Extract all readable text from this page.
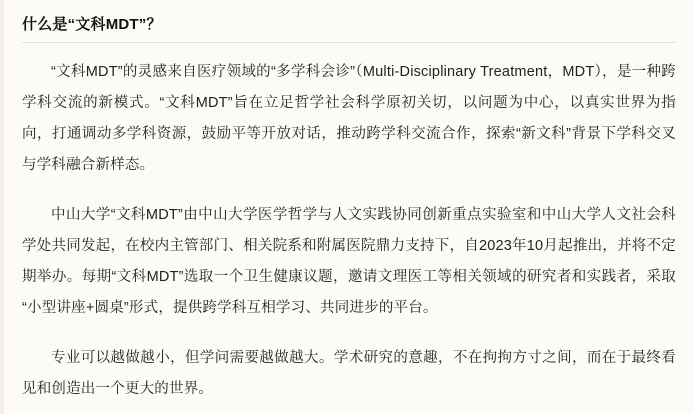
什么是“文科MDT”？

“文科MDT”的灵感来自医疗领域的“多学科会诊”（Multi-Disciplinary Treatment，MDT），是一种跨学科交流的新模式。“文科MDT”旨在立足哲学社会科学原初关切，以问题为中心，以真实世界为指向，打通调动多学科资源，鼓励平等开放对话，推动跨学科交流合作，探索“新文科”背景下学科交叉与学科融合新样态。

中山大学“文科MDT”由中山大学医学哲学与人文实践协同创新重点实验室和中山大学人文社会科学处共同发起，在校内主管部门、相关院系和附属医院鼎力支持下，自2023年10月起推出，并将不定期举办。每期“文科MDT”选取一个卫生健康议题，邀请文理医工等相关领域的研究者和实践者，采取“小型讲座+圆桌”形式，提供跨学科互相学习、共同进步的平台。

专业可以越做越小，但学问需要越做越大。学术研究的意趣，不在拘拘方寸之间，而在于最终看见和创造出一个更大的世界。
